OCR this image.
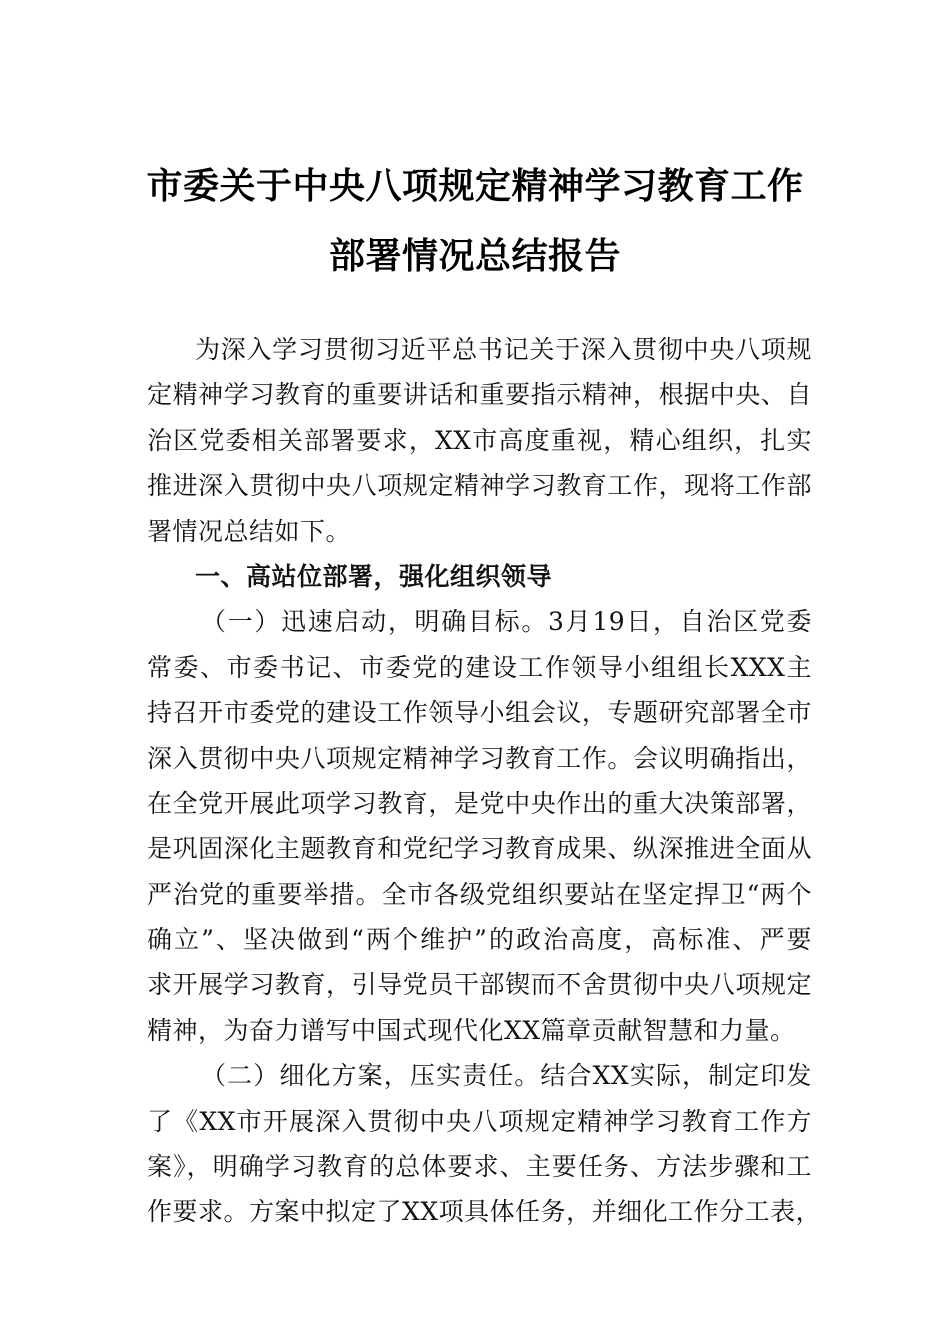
市委关于中央八项规定精神学习教育工作
部署情况总结报告
为深入学习贯彻习近平总书记关于深入贯彻中央八项规
定精神学习教育的重要讲话和重要指示精神，根据中央、自
治区党委相关部署要求，XX市高度重视，精心组织，扎实
推进深入贯彻中央八项规定精神学习教育工作，现将工作部
署情况总结如下。
一、高站位部署，强化组织领导
（一）迅速启动，明确目标。3月19日，自治区党委
常委、市委书记、市委党的建设工作领导小组组长XXX主
持召开市委党的建设工作领导小组会议，专题研究部署全市
深入贯彻中央八项规定精神学习教育工作。会议明确指出，
在全党开展此项学习教育，是党中央作出的重大决策部署，
是巩固深化主题教育和党纪学习教育成果、纵深推进全面从
严治党的重要举措。全市各级党组织要站在坚定捍卫“两个
确立”、坚决做到“两个维护”的政治高度，高标准、严要
求开展学习教育，引导党员干部锲而不舍贯彻中央八项规定
精神，为奋力谱写中国式现代化XX篇章贡献智慧和力量。
（二）细化方案，压实责任。结合XX实际，制定印发
了《XX市开展深入贯彻中央八项规定精神学习教育工作方
案》，明确学习教育的总体要求、主要任务、方法步骤和工
作要求。方案中拟定了XX项具体任务，并细化工作分工表，
